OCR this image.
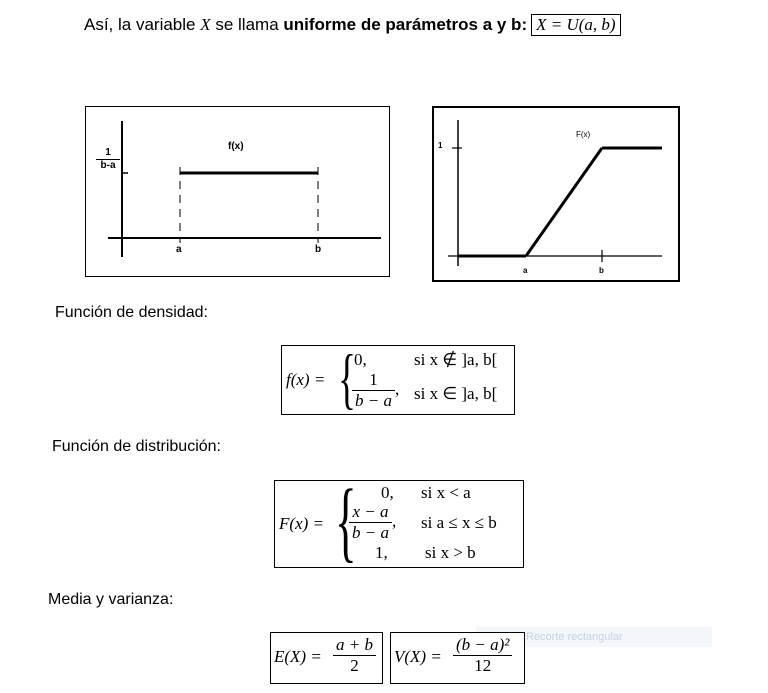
Así, la variable X se llama uniforme de parámetros a y b: X = U(a, b)
$\frac{1}{b-a}$
f(x)
a	b
1
F(x)
a	b
Función de densidad:
f(x) = {
0,	si x ∉ ]a, b[
$\frac{1}{b - a}$ , si x ∈ ]a, b[
Función de distribución:
F(x) = { 0, si x < a
$\frac{x - a}{b - a}$ , si a ≤ x ≤ b
1, si x > b
Media y varianza:
Recorte rectangular
$E(X) = \frac{a + b}{2} V(X) = \frac{\text{(b − a)²}}{12}$
